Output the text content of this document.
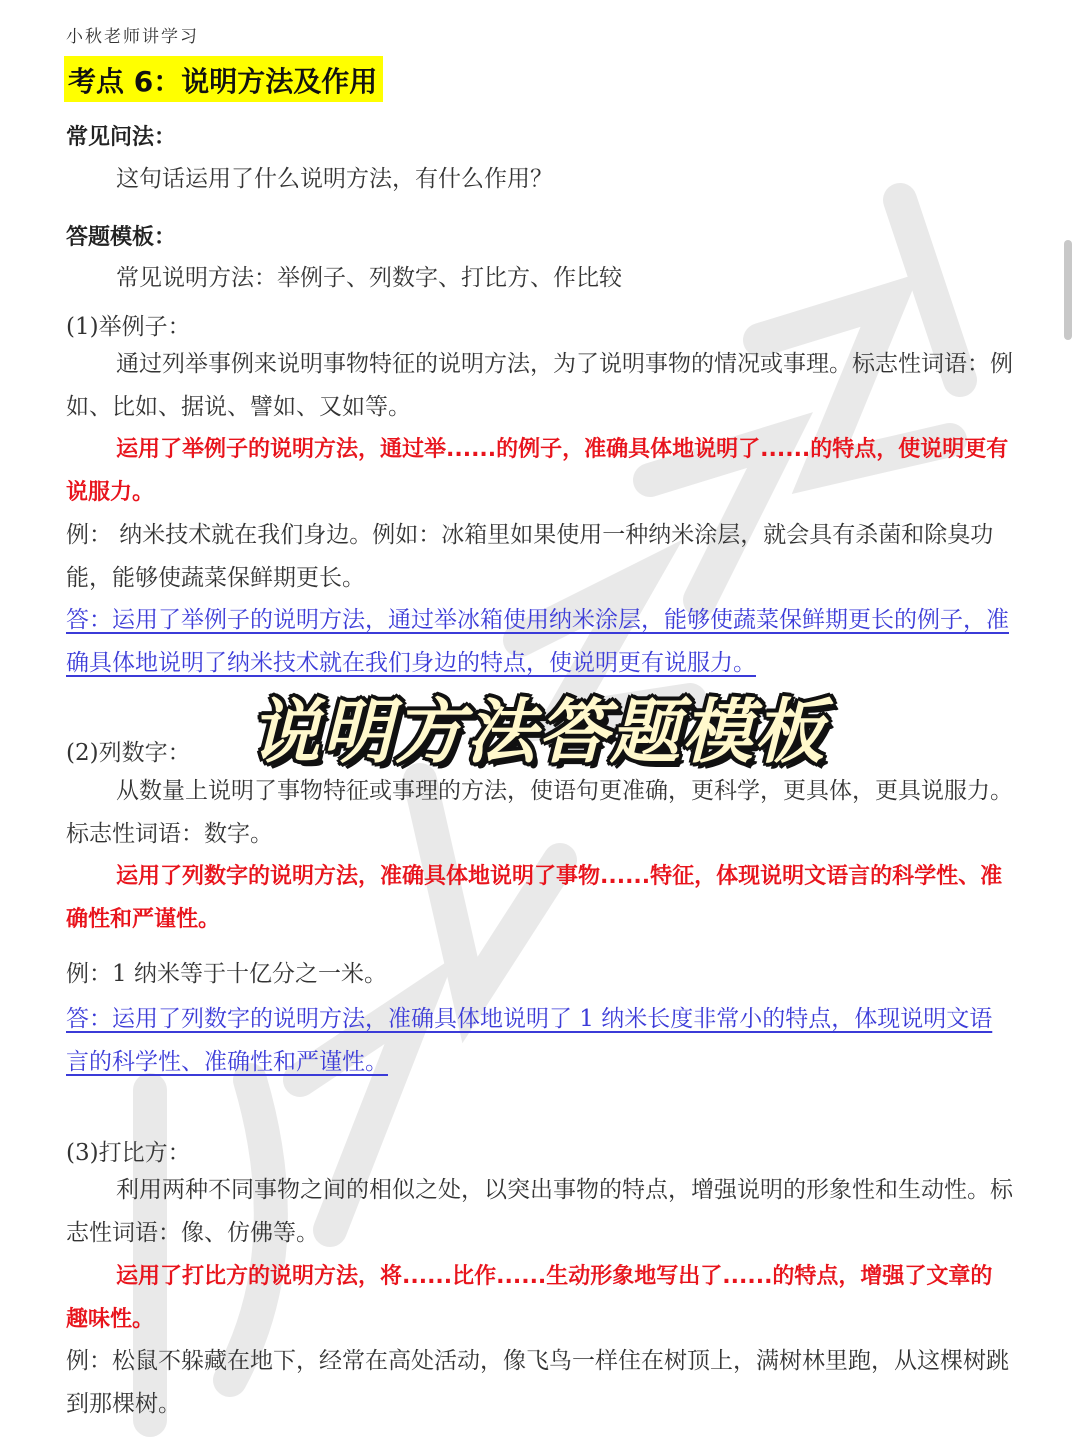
小秋老师讲学习
考点 6：说明方法及作用
常见问法：
这句话运用了什么说明方法，有什么作用？
答题模板：
常见说明方法：举例子、列数字、打比方、作比较
(1)举例子：
通过列举事例来说明事物特征的说明方法，为了说明事物的情况或事理。标志性词语：例如、比如、据说、譬如、又如等。
运用了举例子的说明方法，通过举......的例子，准确具体地说明了......的特点，使说明更有说服力。
例： 纳米技术就在我们身边。例如：冰箱里如果使用一种纳米涂层，就会具有杀菌和除臭功能，能够使蔬菜保鲜期更长。
答：运用了举例子的说明方法，通过举冰箱使用纳米涂层，能够使蔬菜保鲜期更长的例子，准确具体地说明了纳米技术就在我们身边的特点，使说明更有说服力。
(2)列数字：
从数量上说明了事物特征或事理的方法，使语句更准确，更科学，更具体，更具说服力。标志性词语：数字。
运用了列数字的说明方法，准确具体地说明了事物......特征，体现说明文语言的科学性、准确性和严谨性。
例：1 纳米等于十亿分之一米。
答：运用了列数字的说明方法，准确具体地说明了 1 纳米长度非常小的特点，体现说明文语言的科学性、准确性和严谨性。
(3)打比方：
利用两种不同事物之间的相似之处，以突出事物的特点，增强说明的形象性和生动性。标志性词语：像、仿佛等。
运用了打比方的说明方法，将......比作......生动形象地写出了......的特点，增强了文章的趣味性。
例：松鼠不躲藏在地下，经常在高处活动，像飞鸟一样住在树顶上，满树林里跑，从这棵树跳到那棵树。
说明方法答题模板
